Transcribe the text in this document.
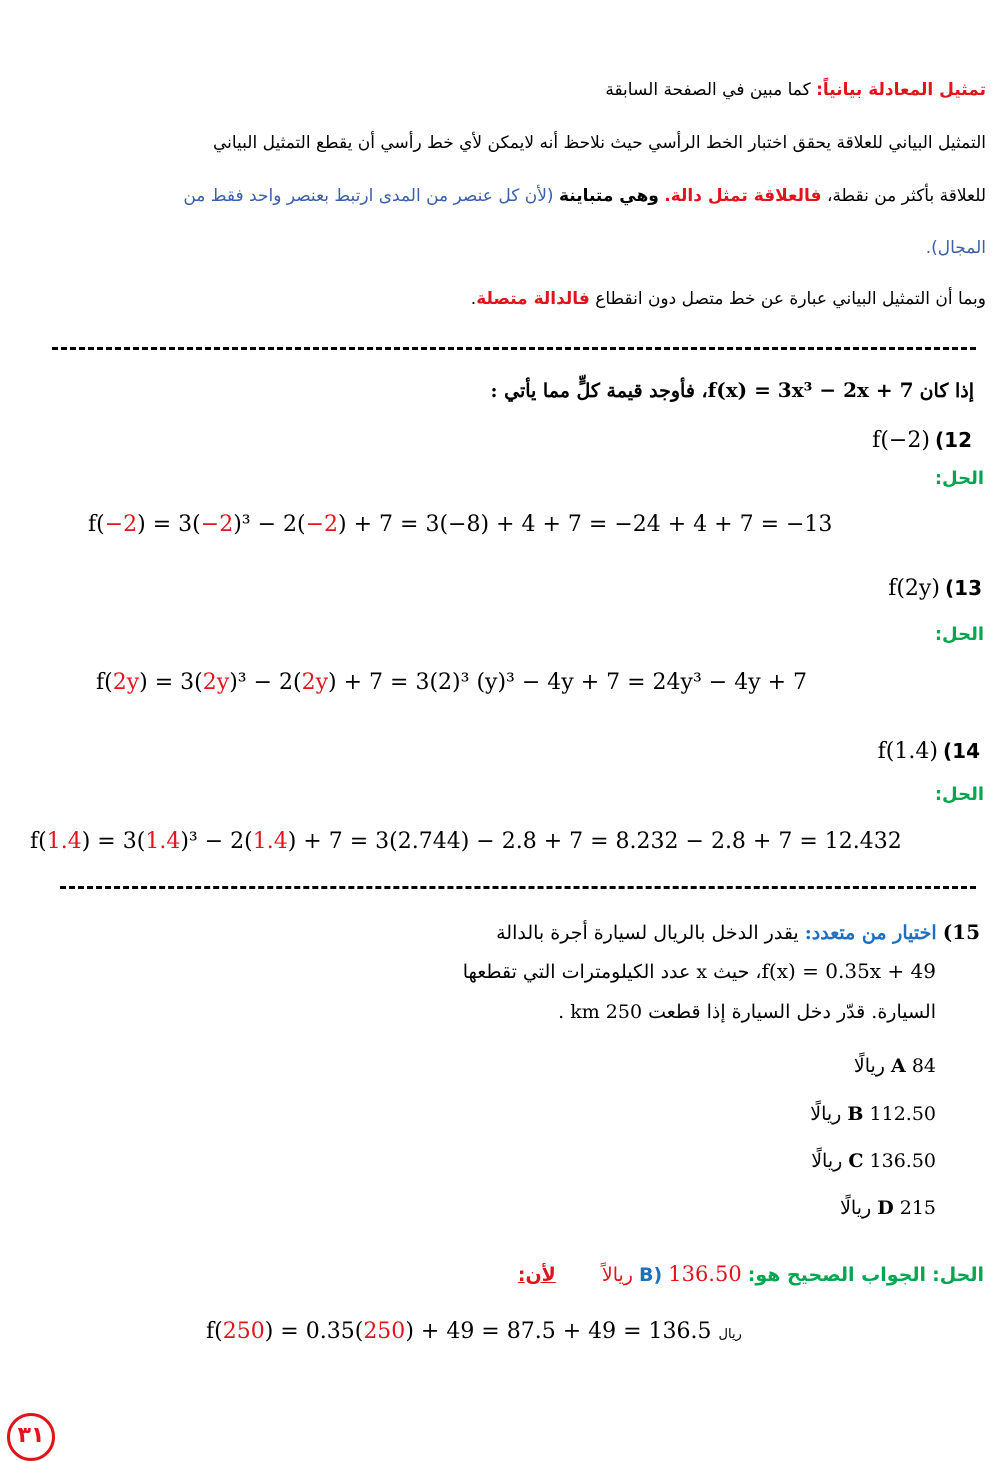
تمثيل المعادلة بيانياً: كما مبين في الصفحة السابقة
التمثيل البياني للعلاقة يحقق اختبار الخط الرأسي حيث نلاحظ أنه لايمكن لأي خط رأسي أن يقطع التمثيل البياني
للعلاقة بأكثر من نقطة، فالعلاقة تمثل دالة. وهي متباينة (لأن كل عنصر من المدى ارتبط بعنصر واحد فقط من
المجال).
وبما أن التمثيل البياني عبارة عن خط متصل دون انقطاع فالدالة متصلة.
إذا كان f(x) = 3x³ − 2x + 7، فأوجد قيمة كلٍّ مما يأتي :
12) f(−2)
الحل:
f(−2) = 3(−2)³ − 2(−2) + 7 = 3(−8) + 4 + 7 = −24 + 4 + 7 = −13
13) f(2y)
الحل:
f(2y) = 3(2y)³ − 2(2y) + 7 = 3(2)³ (y)³ − 4y + 7 = 24y³ − 4y + 7
14) f(1.4)
الحل:
f(1.4) = 3(1.4)³ − 2(1.4) + 7 = 3(2.744) − 2.8 + 7 = 8.232 − 2.8 + 7 = 12.432
15) اختيار من متعدد: يقدر الدخل بالريال لسيارة أجرة بالدالة
f(x) = 0.35x + 49، حيث x عدد الكيلومترات التي تقطعها
السيارة. قدّر دخل السيارة إذا قطعت 250 km .
A 84 ريالًا
B 112.50 ريالًا
C 136.50 ريالًا
D 215 ريالًا
الحل: الجواب الصحيح هو: B) 136.50 ريالاً لأن:
f(250) = 0.35(250) + 49 = 87.5 + 49 = 136.5 ريال
٣١
